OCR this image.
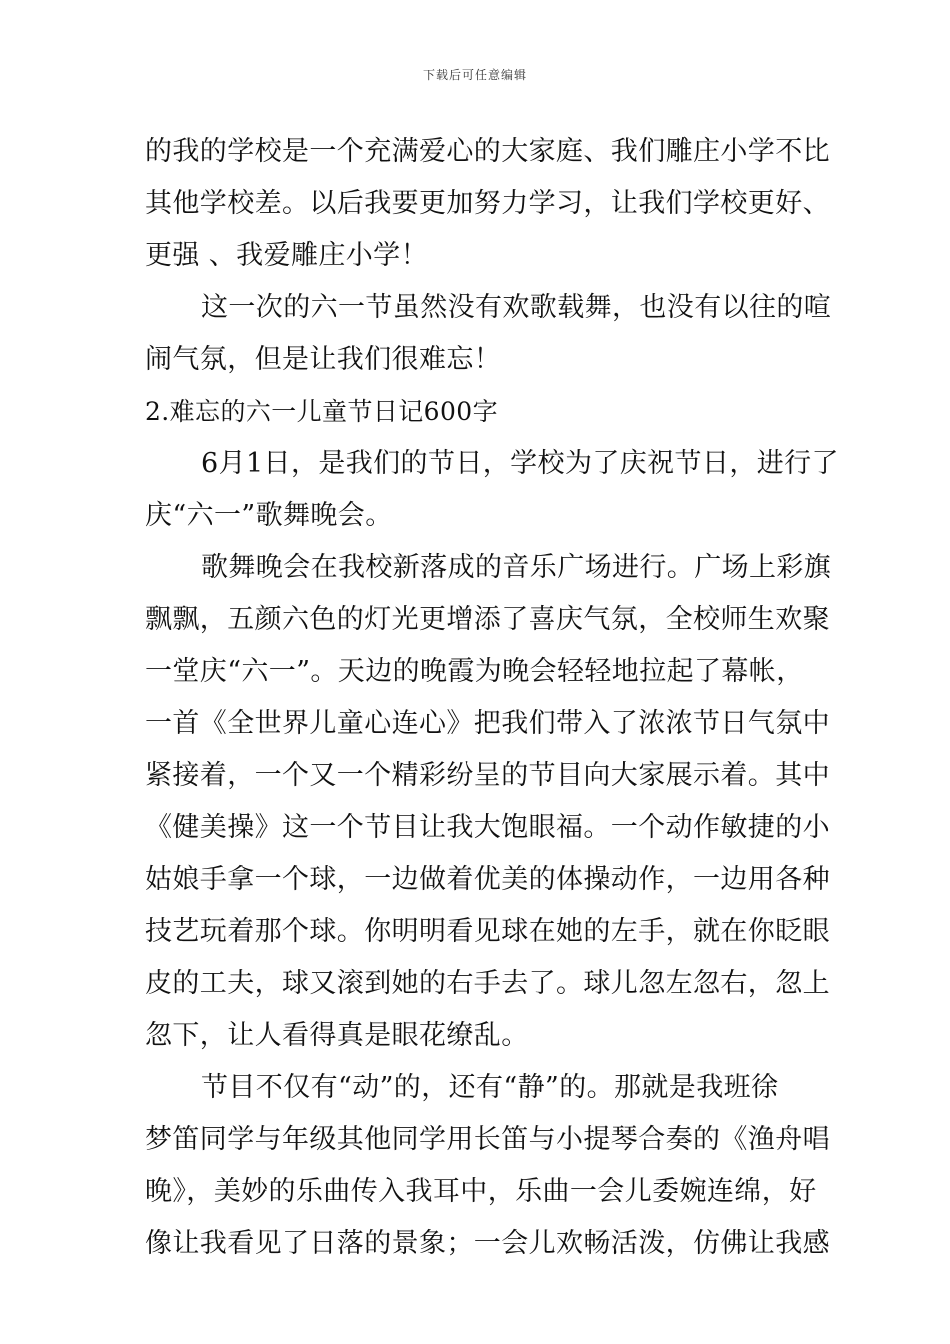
下载后可任意编辑
的我的学校是一个充满爱心的大家庭、我们雕庄小学不比
其他学校差。以后我要更加努力学习，让我们学校更好、
更强 、我爱雕庄小学！
这一次的六一节虽然没有欢歌载舞，也没有以往的喧
闹气氛，但是让我们很难忘！
2.难忘的六一儿童节日记600字
6月1日，是我们的节日，学校为了庆祝节日，进行了
庆“六一”歌舞晚会。
歌舞晚会在我校新落成的音乐广场进行。广场上彩旗
飘飘，五颜六色的灯光更增添了喜庆气氛，全校师生欢聚
一堂庆“六一”。天边的晚霞为晚会轻轻地拉起了幕帐，
一首《全世界儿童心连心》把我们带入了浓浓节日气氛中
紧接着，一个又一个精彩纷呈的节目向大家展示着。其中
《健美操》这一个节目让我大饱眼福。一个动作敏捷的小
姑娘手拿一个球，一边做着优美的体操动作，一边用各种
技艺玩着那个球。你明明看见球在她的左手，就在你眨眼
皮的工夫，球又滚到她的右手去了。球儿忽左忽右，忽上
忽下，让人看得真是眼花缭乱。
节目不仅有“动”的，还有“静”的。那就是我班徐
梦笛同学与年级其他同学用长笛与小提琴合奏的《渔舟唱
晚》，美妙的乐曲传入我耳中，乐曲一会儿委婉连绵，好
像让我看见了日落的景象；一会儿欢畅活泼，仿佛让我感
